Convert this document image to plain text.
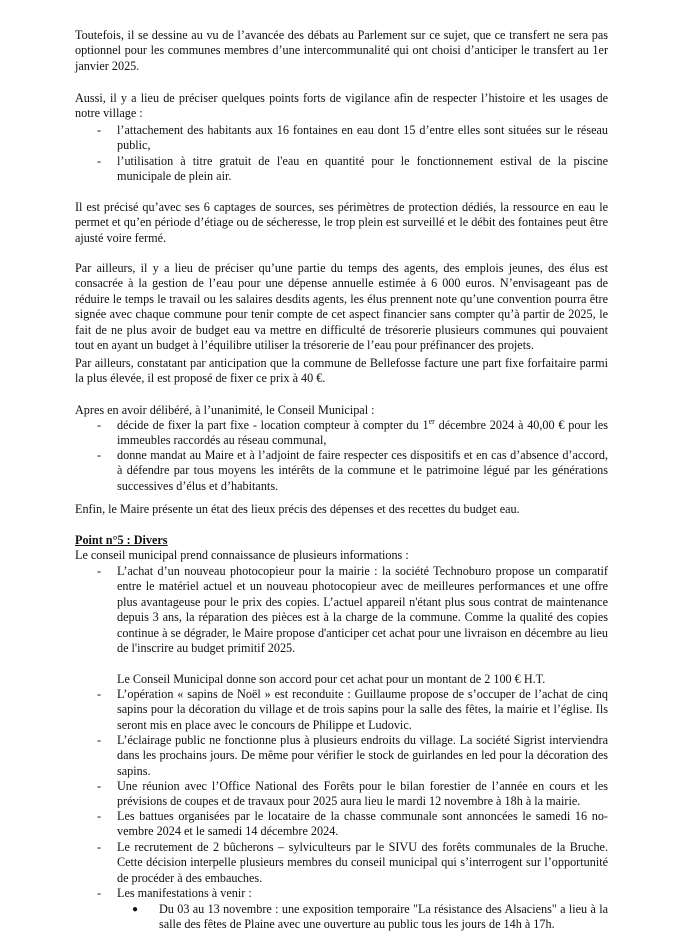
Toutefois, il se dessine au vu de l’avancée des débats au Parlement sur ce sujet, que ce transfert ne sera pas optionnel pour les communes membres d’une intercommunalité qui ont choisi d’anticiper le transfert au 1er janvier 2025.

Aussi, il y a lieu de préciser quelques points forts de vigilance afin de respecter l’histoire et les usages de notre village :

- l’attachement des habitants aux 16 fontaines en eau dont 15 d’entre elles sont situées sur le réseau public,
- l’utilisation à titre gratuit de l'eau en quantité pour le fonctionnement estival de la piscine municipale de plein air.

Il est précisé qu’avec ses 6 captages de sources, ses périmètres de protection dédiés, la ressource en eau le permet et qu’en période d’étiage ou de sécheresse, le trop plein est surveillé et le débit des fontaines peut être ajusté voire fermé.

Par ailleurs, il y a lieu de préciser qu’une partie du temps des agents, des emplois jeunes, des élus est consacrée à la gestion de l’eau pour une dépense annuelle estimée à 6 000 euros. N’envisageant pas de réduire le temps le travail ou les salaires desdits agents, les élus prennent note qu’une convention pourra être signée avec chaque commune pour tenir compte de cet aspect financier sans compter qu’à partir de 2025, le fait de ne plus avoir de budget eau va mettre en difficulté de trésorerie plusieurs communes qui pouvaient tout en ayant un budget à l’équilibre utiliser la trésorerie de l’eau pour préfinancer des projets.

Par ailleurs, constatant par anticipation que la commune de Bellefosse facture une part fixe forfaitaire parmi la plus élevée, il est proposé de fixer ce prix à 40 €.

Apres en avoir délibéré, à l’unanimité, le Conseil Municipal :

- décide de fixer la part fixe - location compteur à compter du 1er décembre 2024 à 40,00 € pour les immeubles raccordés au réseau communal,
- donne mandat au Maire et à l’adjoint de faire respecter ces dispositifs et en cas d’absence d’accord, à défendre par tous moyens les intérêts de la commune et le patrimoine légué par les générations successives d’élus et d’habitants.

Enfin, le Maire présente un état des lieux précis des dépenses et des recettes du budget eau.

Point n°5 : Divers

Le conseil municipal prend connaissance de plusieurs informations :

- L’achat d’un nouveau photocopieur pour la mairie : la société Technoburo propose un comparatif entre le matériel actuel et un nouveau photocopieur avec de meilleures performances et une offre plus avantageuse pour le prix des copies. L’actuel appareil n'étant plus sous contrat de maintenance depuis 3 ans, la réparation des pièces est à la charge de la commune. Comme la qualité des copies continue à se dégrader, le Maire propose d'anticiper cet achat pour une livraison en décembre au lieu de l'inscrire au budget primitif 2025.
Le Conseil Municipal donne son accord pour cet achat pour un montant de 2 100 € H.T.
- L’opération « sapins de Noël » est reconduite : Guillaume propose de s’occuper de l’achat de cinq sapins pour la décoration du village et de trois sapins pour la salle des fêtes, la mairie et l’église. Ils seront mis en place avec le concours de Philippe et Ludovic.
- L’éclairage public ne fonctionne plus à plusieurs endroits du village. La société Sigrist interviendra dans les prochains jours. De même pour vérifier le stock de guirlandes en led pour la décoration des sapins.
- Une réunion avec l’Office National des Forêts pour le bilan forestier de l’année en cours et les prévisions de coupes et de travaux pour 2025 aura lieu le mardi 12 novembre à 18h à la mairie.
- Les battues organisées par le locataire de la chasse communale sont annoncées le samedi 16 no- vembre 2024 et le samedi 14 décembre 2024.
- Le recrutement de 2 bûcherons – sylviculteurs par le SIVU des forêts communales de la Bruche. Cette décision interpelle plusieurs membres du conseil municipal qui s’interrogent sur l’opportunité de procéder à des embauches.
- Les manifestations à venir :
● Du 03 au 13 novembre : une exposition temporaire "La résistance des Alsaciens" a lieu à la salle des fêtes de Plaine avec une ouverture au public tous les jours de 14h à 17h.
